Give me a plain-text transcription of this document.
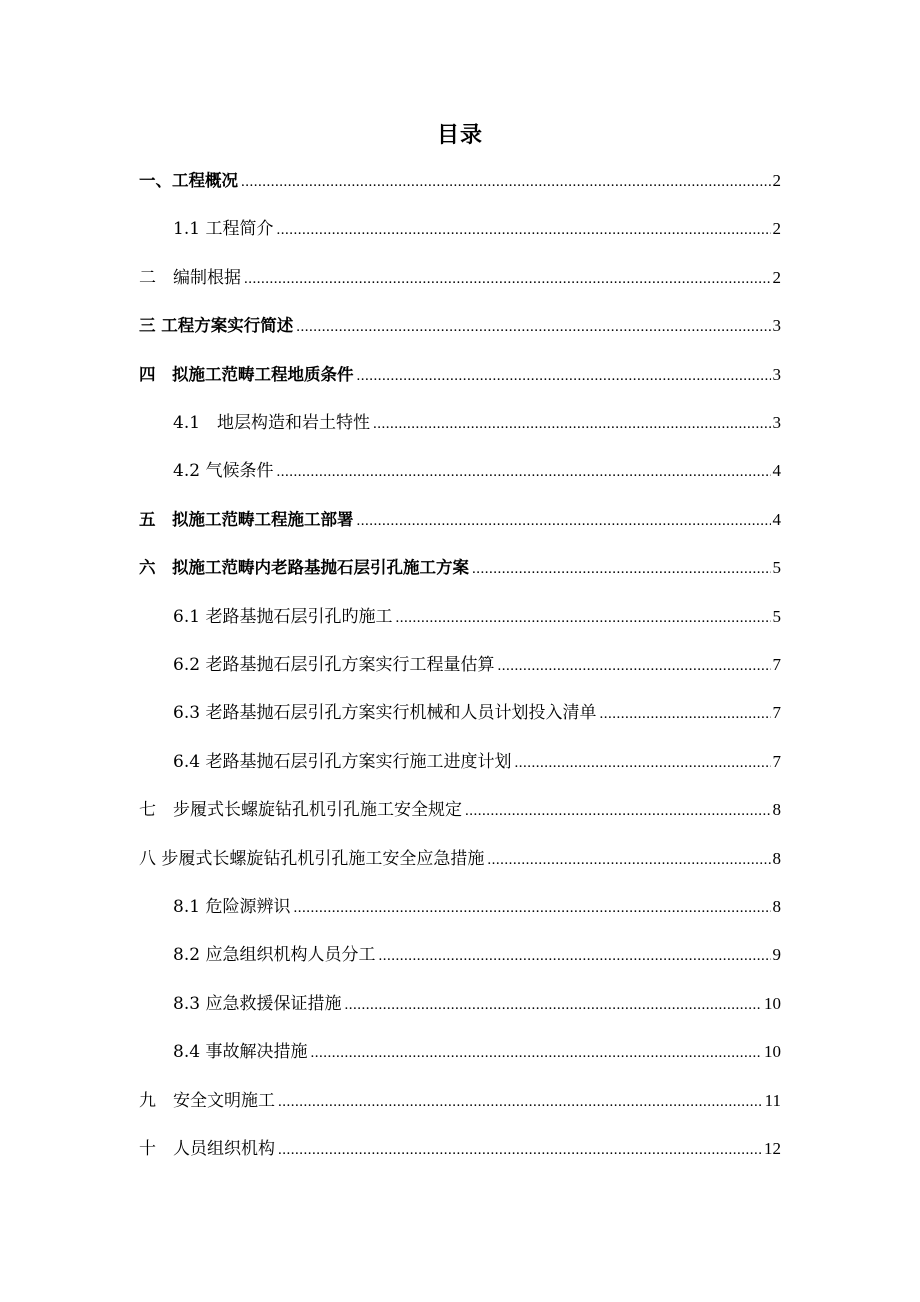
目录
一、工程概况 .....	2
1.1 工程简介 .....	2
二　编制根据 .....	2
三 工程方案实行简述 .....	3
四　拟施工范畴工程地质条件 .....	3
4.1　地层构造和岩土特性 .....	3
4.2 气候条件 .....	4
五　拟施工范畴工程施工部署 .....	4
六　拟施工范畴内老路基抛石层引孔施工方案 .....	5
6.1 老路基抛石层引孔旳施工 .....	5
6.2 老路基抛石层引孔方案实行工程量估算 .....	7
6.3 老路基抛石层引孔方案实行机械和人员计划投入清单 .....	7
6.4 老路基抛石层引孔方案实行施工进度计划 .....	7
七　步履式长螺旋钻孔机引孔施工安全规定 .....	8
八 步履式长螺旋钻孔机引孔施工安全应急措施 .....	8
8.1 危险源辨识 .....	8
8.2 应急组织机构人员分工 .....	9
8.3 应急救援保证措施 .....	10
8.4 事故解决措施 .....	10
九　安全文明施工 .....	11
十　人员组织机构 .....	12
